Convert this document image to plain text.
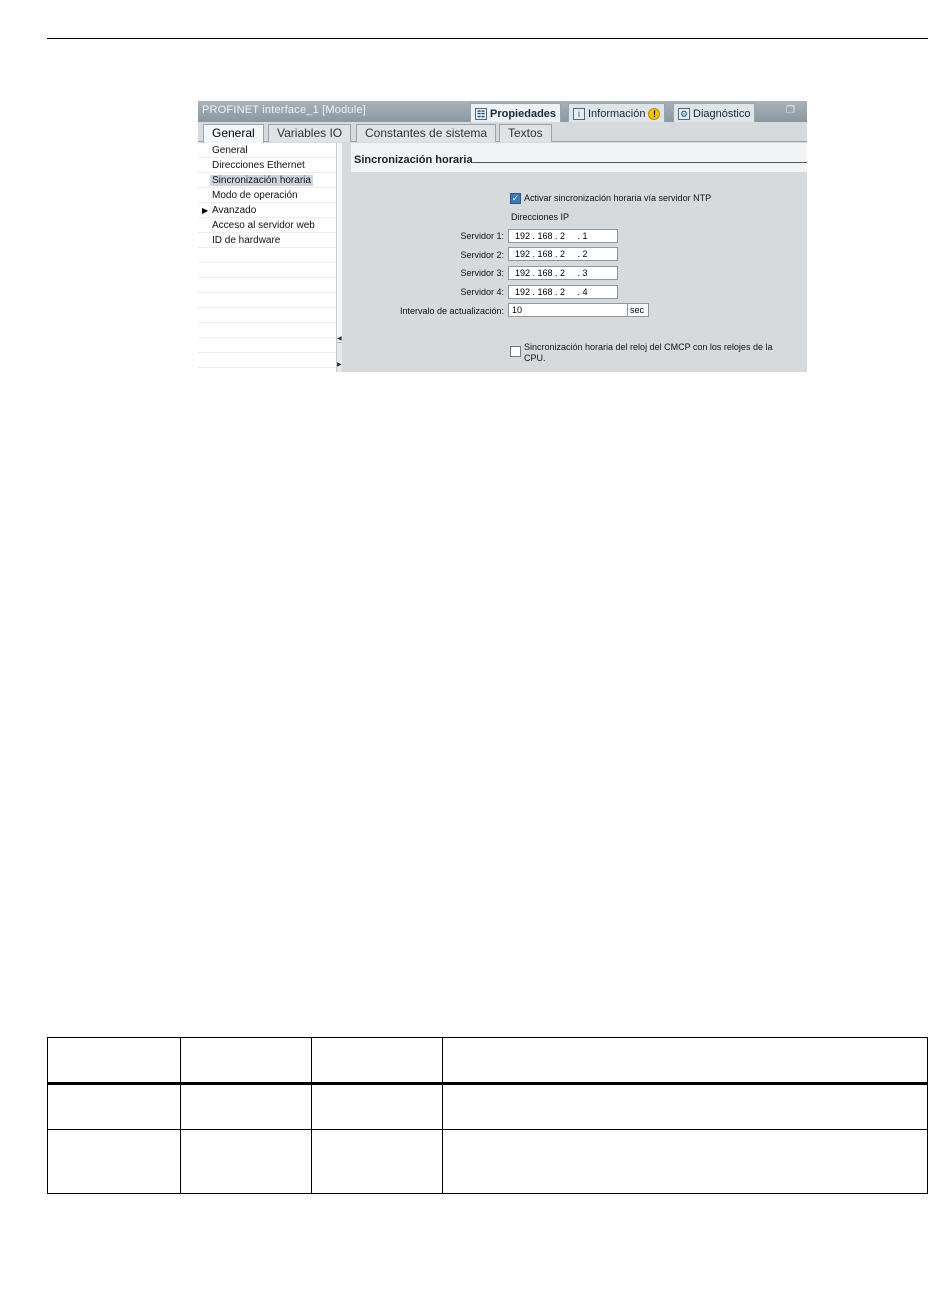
PROFINET interface_1 [Module]	☷ Propiedades	i Información !	⚙ Diagnóstico	❐
General	Variables IO	Constantes de sistema	Textos
General
Direcciones Ethernet
Sincronización horaria
Modo de operación
▶ Avanzado
Acceso al servidor web
ID de hardware
◀
▶
Sincronización horaria
✓ Activar sincronización horaria vía servidor NTP
Direcciones IP
Servidor 1:	192 . 168 . 2     . 1
Servidor 2:	192 . 168 . 2     . 2
Servidor 3:	192 . 168 . 2     . 3
Servidor 4:	192 . 168 . 2     . 4
Intervalo de actualización: 10	sec
Sincronización horaria del reloj del CMCP con los relojes de la
CPU.
